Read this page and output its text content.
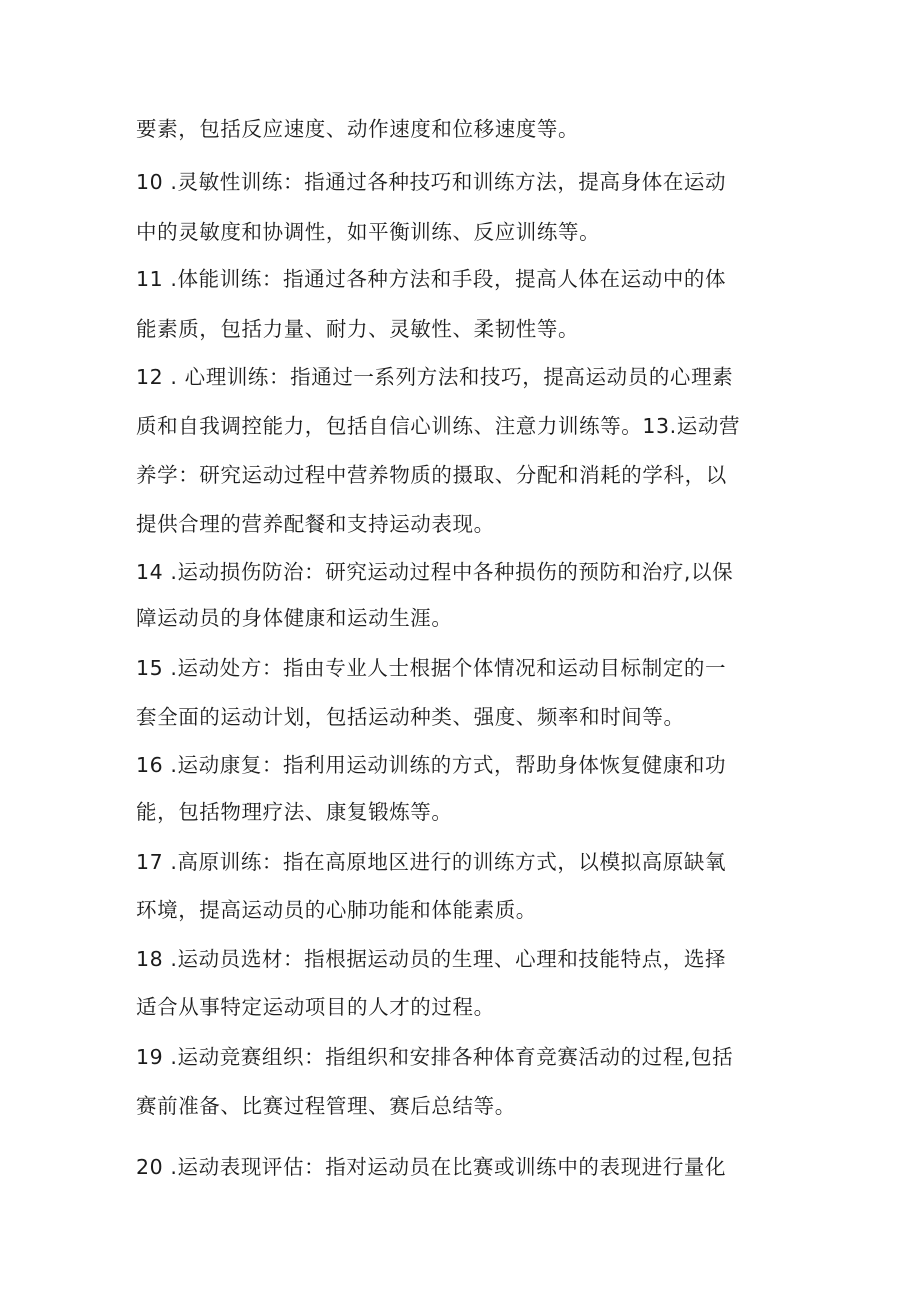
要素，包括反应速度、动作速度和位移速度等。
10 .灵敏性训练：指通过各种技巧和训练方法，提高身体在运动
中的灵敏度和协调性，如平衡训练、反应训练等。
11 .体能训练：指通过各种方法和手段，提高人体在运动中的体
能素质，包括力量、耐力、灵敏性、柔韧性等。
12 . 心理训练：指通过一系列方法和技巧，提高运动员的心理素
质和自我调控能力，包括自信心训练、注意力训练等。13.运动营
养学：研究运动过程中营养物质的摄取、分配和消耗的学科，以
提供合理的营养配餐和支持运动表现。
14 .运动损伤防治：研究运动过程中各种损伤的预防和治疗,以保
障运动员的身体健康和运动生涯。
15 .运动处方：指由专业人士根据个体情况和运动目标制定的一
套全面的运动计划，包括运动种类、强度、频率和时间等。
16 .运动康复：指利用运动训练的方式，帮助身体恢复健康和功
能，包括物理疗法、康复锻炼等。
17 .高原训练：指在高原地区进行的训练方式，以模拟高原缺氧
环境，提高运动员的心肺功能和体能素质。
18 .运动员选材：指根据运动员的生理、心理和技能特点，选择
适合从事特定运动项目的人才的过程。
19 .运动竞赛组织：指组织和安排各种体育竞赛活动的过程,包括
赛前准备、比赛过程管理、赛后总结等。
20 .运动表现评估：指对运动员在比赛或训练中的表现进行量化
